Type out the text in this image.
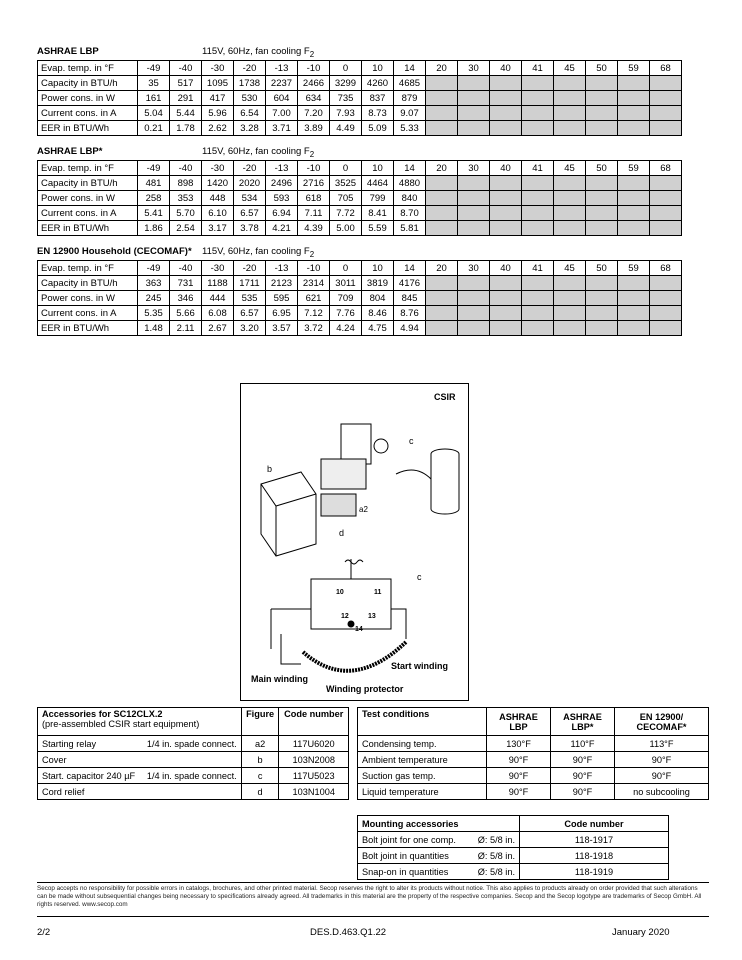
ASHRAE LBP	115V, 60Hz, fan cooling $F_2$
Evap. temp. in °F	-49	-40	-30	-20	-13	-10	0	10	14	20	30	40	41	45	50	59	68
Capacity in BTU/h	35	517	1095	1738	2237	2466	3299	4260	4685								
Power cons. in W	161	291	417	530	604	634	735	837	879								
Current cons. in A	5.04	5.44	5.96	6.54	7.00	7.20	7.93	8.73	9.07								
EER in BTU/Wh	0.21	1.78	2.62	3.28	3.71	3.89	4.49	5.09	5.33								
ASHRAE LBP*	115V, 60Hz, fan cooling $F_2$
Evap. temp. in °F	-49	-40	-30	-20	-13	-10	0	10	14	20	30	40	41	45	50	59	68
Capacity in BTU/h	481	898	1420	2020	2496	2716	3525	4464	4880								
Power cons. in W	258	353	448	534	593	618	705	799	840								
Current cons. in A	5.41	5.70	6.10	6.57	6.94	7.11	7.72	8.41	8.70								
EER in BTU/Wh	1.86	2.54	3.17	3.78	4.21	4.39	5.00	5.59	5.81								
EN 12900 Household (CECOMAF)* 115V, 60Hz, fan cooling $F_2$
Evap. temp. in °F	-49	-40	-30	-20	-13	-10	0	10	14	20	30	40	41	45	50	59	68
Capacity in BTU/h	363	731	1188	1711	2123	2314	3011	3819	4176								
Power cons. in W	245	346	444	535	595	621	709	804	845								
Current cons. in A	5.35	5.66	6.08	6.57	6.95	7.12	7.76	8.46	8.76								
EER in BTU/Wh	1.48	2.11	2.67	3.20	3.57	3.72	4.24	4.75	4.94								
CSIR
b
a2
d
c
10	11
12	13
14
c
Main winding
Start winding
Winding protector
Accessories for SC12CLX.2
(pre-assembled CSIR start equipment)		Figure	Code number
Starting relay	1/4 in. spade connect.	a2	117U6020
Cover		b	103N2008
Start. capacitor 240 µF	1/4 in. spade connect.	c	117U5023
Cord relief		d	103N1004
Test conditions	ASHRAE LBP	ASHRAE LBP*	EN 12900/ CECOMAF*
Condensing temp.	130°F	110°F	113°F
Ambient temperature	90°F	90°F	90°F
Suction gas temp.	90°F	90°F	90°F
Liquid temperature	90°F	90°F	no subcooling
Mounting accessories		Code number
Bolt joint for one comp.	Ø: 5/8 in.	118-1917
Bolt joint in quantities	Ø: 5/8 in.	118-1918
Snap-on in quantities	Ø: 5/8 in.	118-1919
Secop accepts no responsibility for possible errors in catalogs, brochures, and other printed material. Secop reserves the right to alter its products without notice. This also applies to products already on order provided that such alterations can be made without subsequential changes being necessary to specifications already agreed. All trademarks in this material are the property of the respective companies. Secop and the Secop logotype are trademarks of Secop GmbH. All rights reserved. www.secop.com
2/2	DES.D.463.Q1.22	January 2020
